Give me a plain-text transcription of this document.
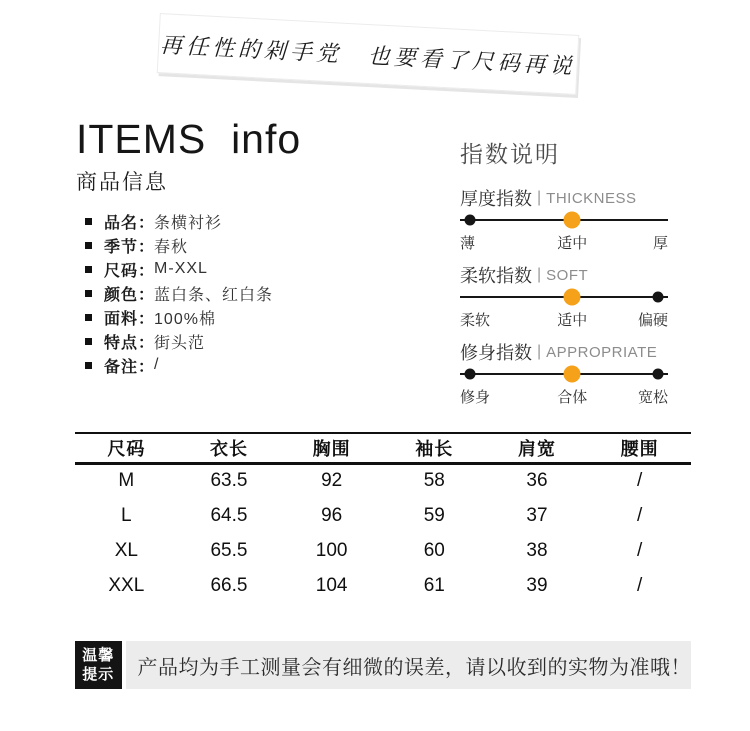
再任性的剁手党　也要看了尺码再说
ITEMS  info
商品信息
品名 ： 条横衬衫
季节 ： 春秋
尺码 ： M-XXL
颜色 ： 蓝白条、红白条
面料 ： 100%棉
特点 ： 街头范
备注 ： /
指数说明
厚度指数 | THICKNESS
薄	适中	厚
柔软指数 | SOFT
柔软	适中	偏硬
修身指数 | APPROPRIATE
修身	合体	宽松
尺码	衣长	胸围	袖长	肩宽	腰围
M	63.5	92	58	36	/
L	64.5	96	59	37	/
XL	65.5	100	60	38	/
XXL	66.5	104	61	39	/
温馨
提示 产品均为手工测量会有细微的误差，请以收到的实物为准哦！
